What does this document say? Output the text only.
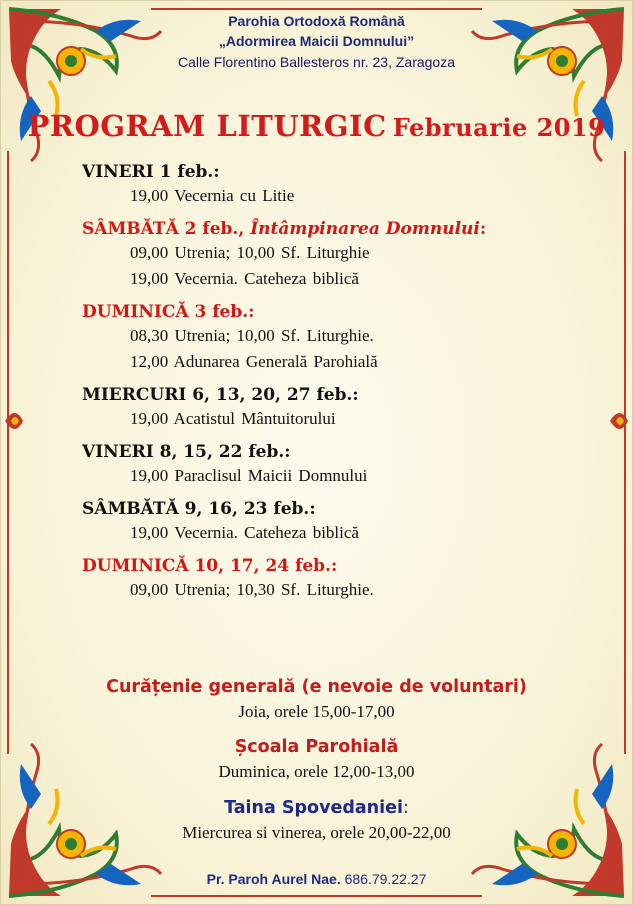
Parohia Ortodoxă Română
„Adormirea Maicii Domnului”
Calle Florentino Ballesteros nr. 23, Zaragoza
PROGRAM LITURGIC Februarie 2019
VINERI 1 feb.:
19,00 Vecernia cu Litie
SÂMBĂTĂ 2 feb., Întâmpinarea Domnului:
09,00 Utrenia; 10,00 Sf. Liturghie
19,00 Vecernia. Cateheza biblică
DUMINICĂ 3 feb.:
08,30 Utrenia; 10,00 Sf. Liturghie.
12,00 Adunarea Generală Parohială
MIERCURI 6, 13, 20, 27 feb.:
19,00 Acatistul Mântuitorului
VINERI 8, 15, 22 feb.:
19,00 Paraclisul Maicii Domnului
SÂMBĂTĂ 9, 16, 23 feb.:
19,00 Vecernia. Cateheza biblică
DUMINICĂ 10, 17, 24 feb.:
09,00 Utrenia; 10,30 Sf. Liturghie.
Curățenie generală (e nevoie de voluntari)
Joia, orele 15,00-17,00
Școala Parohială
Duminica, orele 12,00-13,00
Taina Spovedaniei:
Miercurea si vinerea, orele 20,00-22,00
Pr. Paroh Aurel Nae. 686.79.22.27
